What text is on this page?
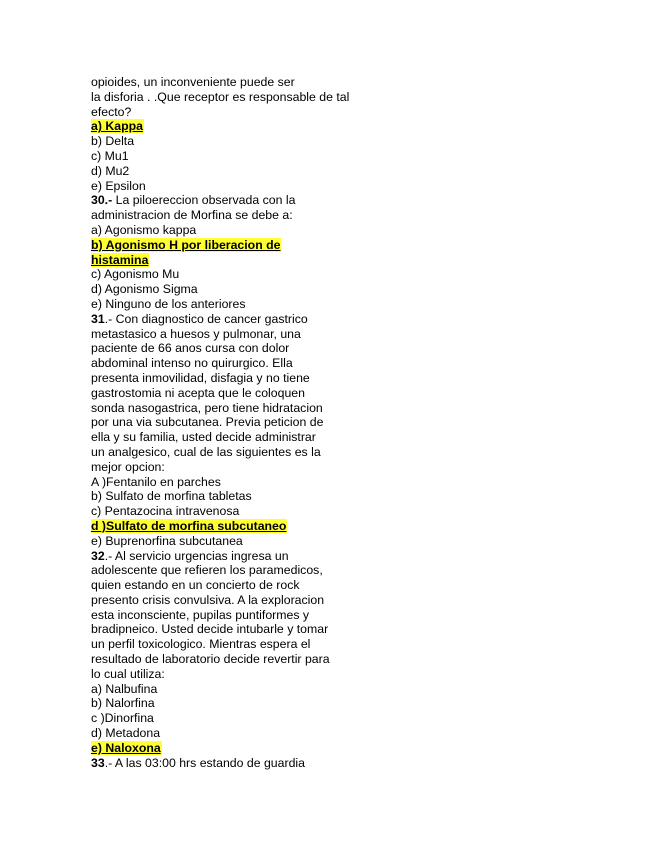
opioides, un inconveniente puede ser
la disforia . .Que receptor es responsable de tal
efecto?
a) Kappa
b) Delta
c) Mu1
d) Mu2
e) Epsilon
30.- La piloereccion observada con la
administracion de Morfina se debe a:
a) Agonismo kappa
b) Agonismo H por liberacion de
histamina
c) Agonismo Mu
d) Agonismo Sigma
e) Ninguno de los anteriores
31.- Con diagnostico de cancer gastrico
metastasico a huesos y pulmonar, una
paciente de 66 anos cursa con dolor
abdominal intenso no quirurgico. Ella
presenta inmovilidad, disfagia y no tiene
gastrostomia ni acepta que le coloquen
sonda nasogastrica, pero tiene hidratacion
por una via subcutanea. Previa peticion de
ella y su familia, usted decide administrar
un analgesico, cual de las siguientes es la
mejor opcion:
A )Fentanilo en parches
b) Sulfato de morfina tabletas
c) Pentazocina intravenosa
d )Sulfato de morfina subcutaneo
e) Buprenorfina subcutanea
32.- Al servicio urgencias ingresa un
adolescente que refieren los paramedicos,
quien estando en un concierto de rock
presento crisis convulsiva. A la exploracion
esta inconsciente, pupilas puntiformes y
bradipneico. Usted decide intubarle y tomar
un perfil toxicologico. Mientras espera el
resultado de laboratorio decide revertir para
lo cual utiliza:
a) Nalbufina
b) Nalorfina
c )Dinorfina
d) Metadona
e) Naloxona
33.- A las 03:00 hrs estando de guardia
